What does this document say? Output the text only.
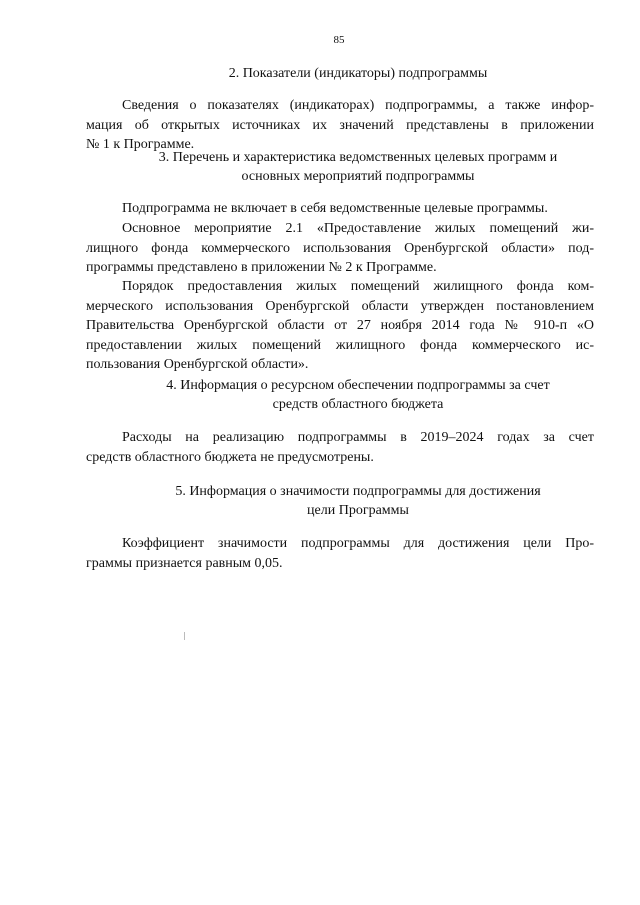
85
2. Показатели (индикаторы) подпрограммы
Сведения о показателях (индикаторах) подпрограммы, а также инфор-
мация об открытых источниках их значений представлены в приложении
№ 1 к Программе.
3. Перечень и характеристика ведомственных целевых программ и
основных мероприятий подпрограммы
Подпрограмма не включает в себя ведомственные целевые программы.
Основное мероприятие 2.1 «Предоставление жилых помещений жи-
лищного фонда коммерческого использования Оренбургской области» под-
программы представлено в приложении № 2 к Программе.
Порядок предоставления жилых помещений жилищного фонда ком-
мерческого использования Оренбургской области утвержден постановлением
Правительства Оренбургской области от 27 ноября 2014 года № 910-п «О
предоставлении жилых помещений жилищного фонда коммерческого ис-
пользования Оренбургской области».
4. Информация о ресурсном обеспечении подпрограммы за счет
средств областного бюджета
Расходы на реализацию подпрограммы в 2019–2024 годах за счет
средств областного бюджета не предусмотрены.
5. Информация о значимости подпрограммы для достижения
цели Программы
Коэффициент значимости подпрограммы для достижения цели Про-
граммы признается равным 0,05.
